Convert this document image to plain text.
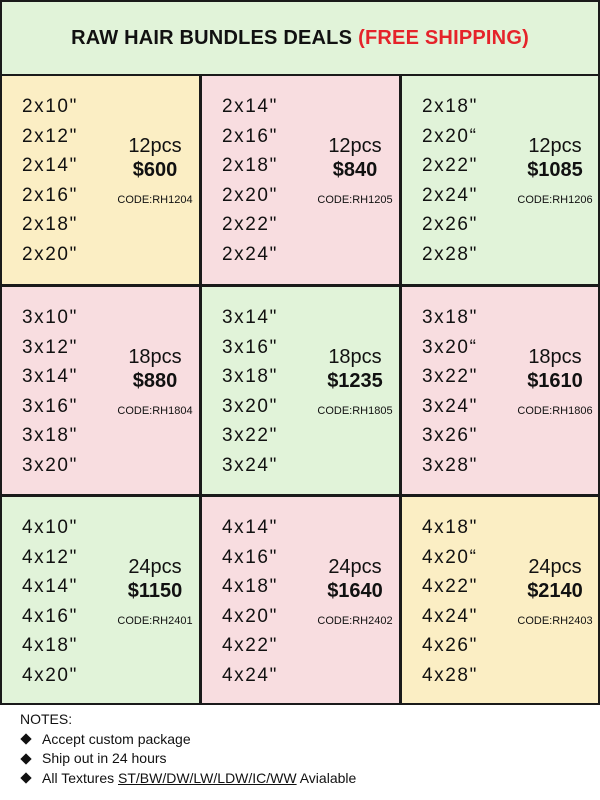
RAW HAIR BUNDLES DEALS (FREE SHIPPING)
2x10"
2x12"
2x14"
2x16"
2x18"
2x20"
12pcs
$600
CODE:RH1204
2x14"
2x16"
2x18"
2x20"
2x22"
2x24"
12pcs
$840
CODE:RH1205
2x18"
2x20“
2x22"
2x24"
2x26"
2x28"
12pcs
$1085
CODE:RH1206
3x10"
3x12"
3x14"
3x16"
3x18"
3x20"
18pcs
$880
CODE:RH1804
3x14"
3x16"
3x18"
3x20"
3x22"
3x24"
18pcs
$1235
CODE:RH1805
3x18"
3x20“
3x22"
3x24"
3x26"
3x28"
18pcs
$1610
CODE:RH1806
4x10"
4x12"
4x14"
4x16"
4x18"
4x20"
24pcs
$1150
CODE:RH2401
4x14"
4x16"
4x18"
4x20"
4x22"
4x24"
24pcs
$1640
CODE:RH2402
4x18"
4x20“
4x22"
4x24"
4x26"
4x28"
24pcs
$2140
CODE:RH2403
NOTES:
Accept custom package
Ship out in 24 hours
All Textures ST/BW/DW/LW/LDW/IC/WW Avialable
